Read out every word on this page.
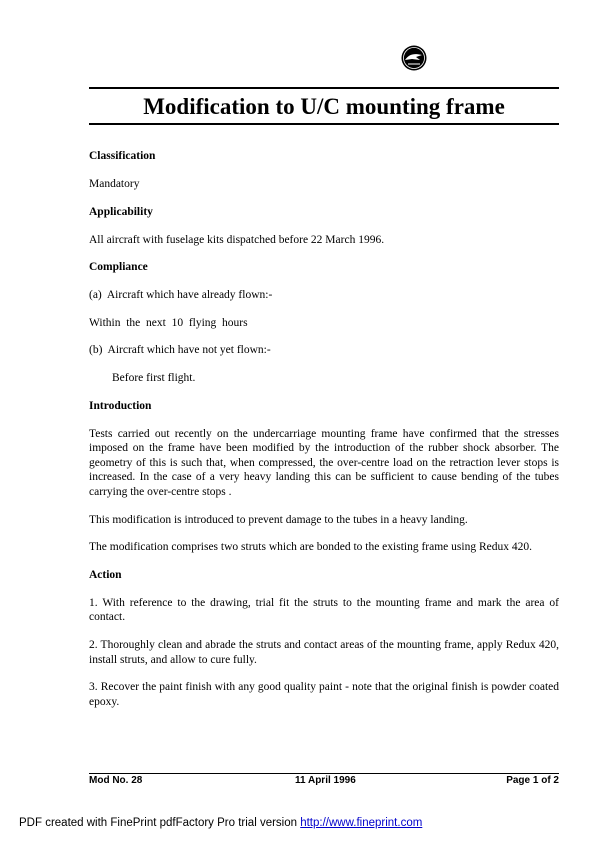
Modification to U/C mounting frame
Classification
Mandatory
Applicability
All aircraft with fuselage kits dispatched before 22 March 1996.
Compliance
(a)  Aircraft which have already flown:-
Within  the  next  10  flying  hours
(b)  Aircraft which have not yet flown:-
Before first flight.
Introduction
Tests carried out recently on the undercarriage mounting frame have confirmed that the stresses imposed on the frame have been modified by the introduction of the rubber shock absorber. The geometry of this is such that, when compressed, the over-centre load on the retraction lever stops is increased. In the case of a very heavy landing this can be sufficient to cause bending of the tubes carrying the over-centre stops .
This modification is introduced to prevent damage to the tubes in a heavy landing.
The modification comprises two struts which are bonded to the existing frame using Redux 420.
Action
1. With reference to the drawing, trial fit the struts to the mounting frame and mark the area of contact.
2. Thoroughly clean and abrade the struts and contact areas of the mounting frame, apply Redux 420, install struts, and allow to cure fully.
3. Recover the paint finish with any good quality paint - note that the original finish is powder coated epoxy.
Mod No. 28	11 April 1996	Page 1 of 2
PDF created with FinePrint pdfFactory Pro trial version http://www.fineprint.com
